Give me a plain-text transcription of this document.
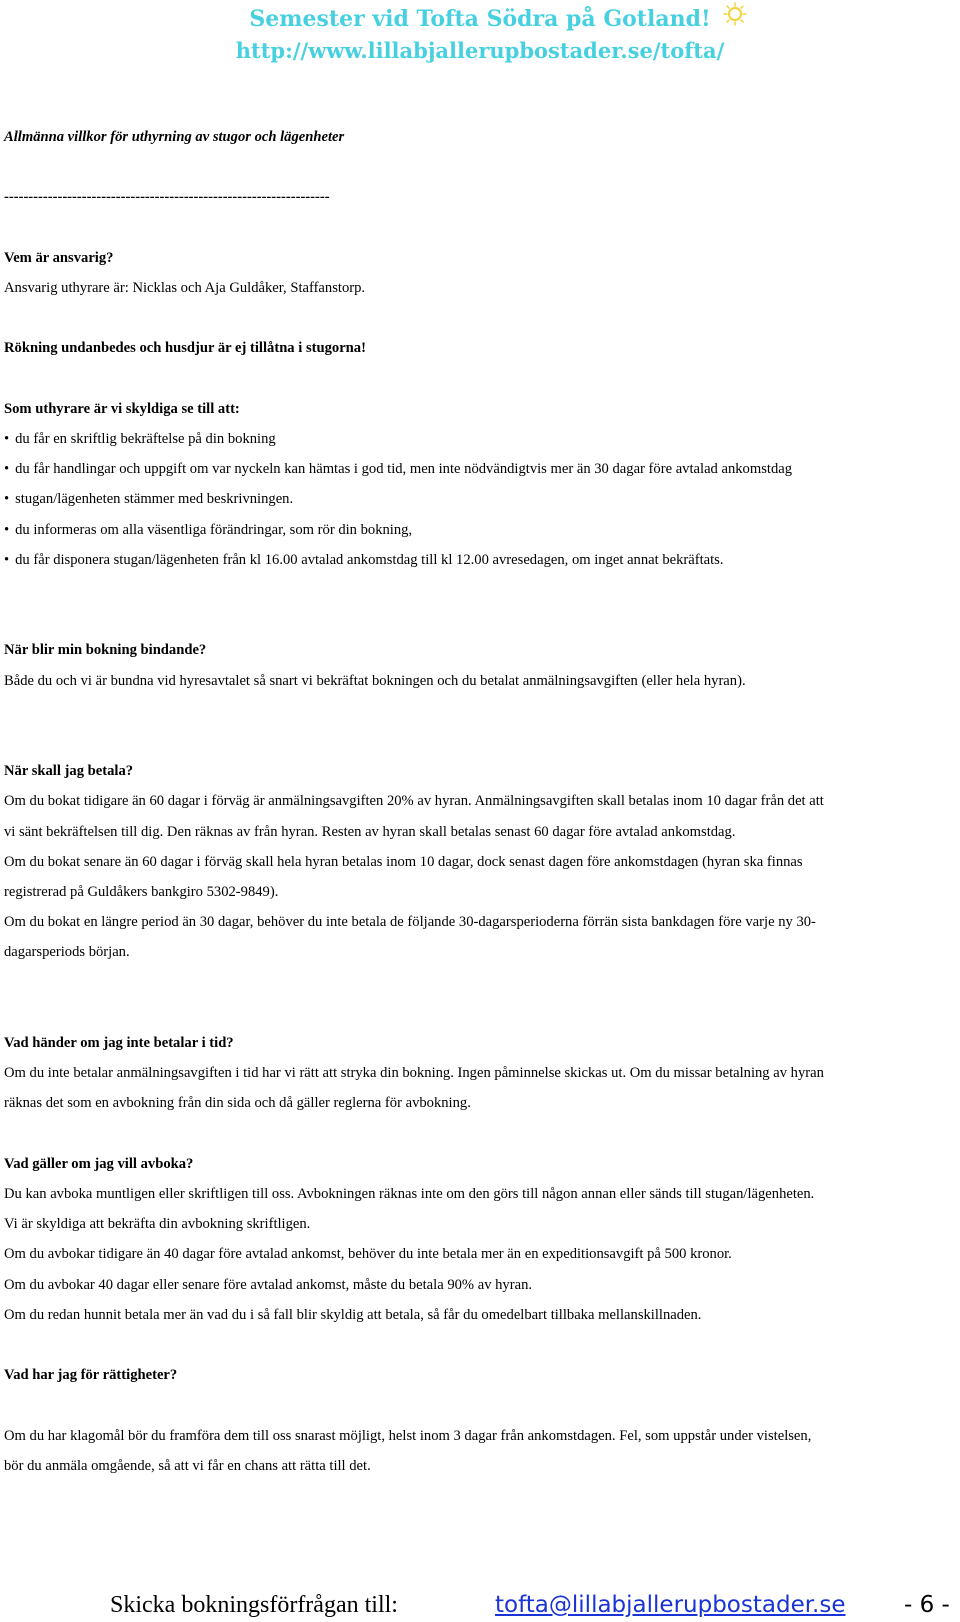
Semester vid Tofta Södra på Gotland!
http://www.lillabjallerupbostader.se/tofta/

Allmänna villkor för uthyrning av stugor och lägenheter

-------------------------------------------------------------------

Vem är ansvarig?

Ansvarig uthyrare är: Nicklas och Aja Guldåker, Staffanstorp.

Rökning undanbedes och husdjur är ej tillåtna i stugorna!

Som uthyrare är vi skyldiga se till att:

• du får en skriftlig bekräftelse på din bokning

• du får handlingar och uppgift om var nyckeln kan hämtas i god tid, men inte nödvändigtvis mer än 30 dagar före avtalad ankomstdag

• stugan/lägenheten stämmer med beskrivningen.

• du informeras om alla väsentliga förändringar, som rör din bokning,

• du får disponera stugan/lägenheten från kl 16.00 avtalad ankomstdag till kl 12.00 avresedagen, om inget annat bekräftats.

När blir min bokning bindande?

Både du och vi är bundna vid hyresavtalet så snart vi bekräftat bokningen och du betalat anmälningsavgiften (eller hela hyran).

När skall jag betala?

Om du bokat tidigare än 60 dagar i förväg är anmälningsavgiften 20% av hyran. Anmälningsavgiften skall betalas inom 10 dagar från det att

vi sänt bekräftelsen till dig. Den räknas av från hyran. Resten av hyran skall betalas senast 60 dagar före avtalad ankomstdag.

Om du bokat senare än 60 dagar i förväg skall hela hyran betalas inom 10 dagar, dock senast dagen före ankomstdagen (hyran ska finnas

registrerad på Guldåkers bankgiro 5302-9849).

Om du bokat en längre period än 30 dagar, behöver du inte betala de följande 30-dagarsperioderna förrän sista bankdagen före varje ny 30-

dagarsperiods början.

Vad händer om jag inte betalar i tid?

Om du inte betalar anmälningsavgiften i tid har vi rätt att stryka din bokning. Ingen påminnelse skickas ut. Om du missar betalning av hyran

räknas det som en avbokning från din sida och då gäller reglerna för avbokning.

Vad gäller om jag vill avboka?

Du kan avboka muntligen eller skriftligen till oss. Avbokningen räknas inte om den görs till någon annan eller sänds till stugan/lägenheten.

Vi är skyldiga att bekräfta din avbokning skriftligen.

Om du avbokar tidigare än 40 dagar före avtalad ankomst, behöver du inte betala mer än en expeditionsavgift på 500 kronor.

Om du avbokar 40 dagar eller senare före avtalad ankomst, måste du betala 90% av hyran.

Om du redan hunnit betala mer än vad du i så fall blir skyldig att betala, så får du omedelbart tillbaka mellanskillnaden.

Vad har jag för rättigheter?

Om du har klagomål bör du framföra dem till oss snarast möjligt, helst inom 3 dagar från ankomstdagen. Fel, som uppstår under vistelsen,

bör du anmäla omgående, så att vi får en chans att rätta till det.

Skicka bokningsförfrågan till:	tofta@lillabjallerupbostader.se	- 6 -
